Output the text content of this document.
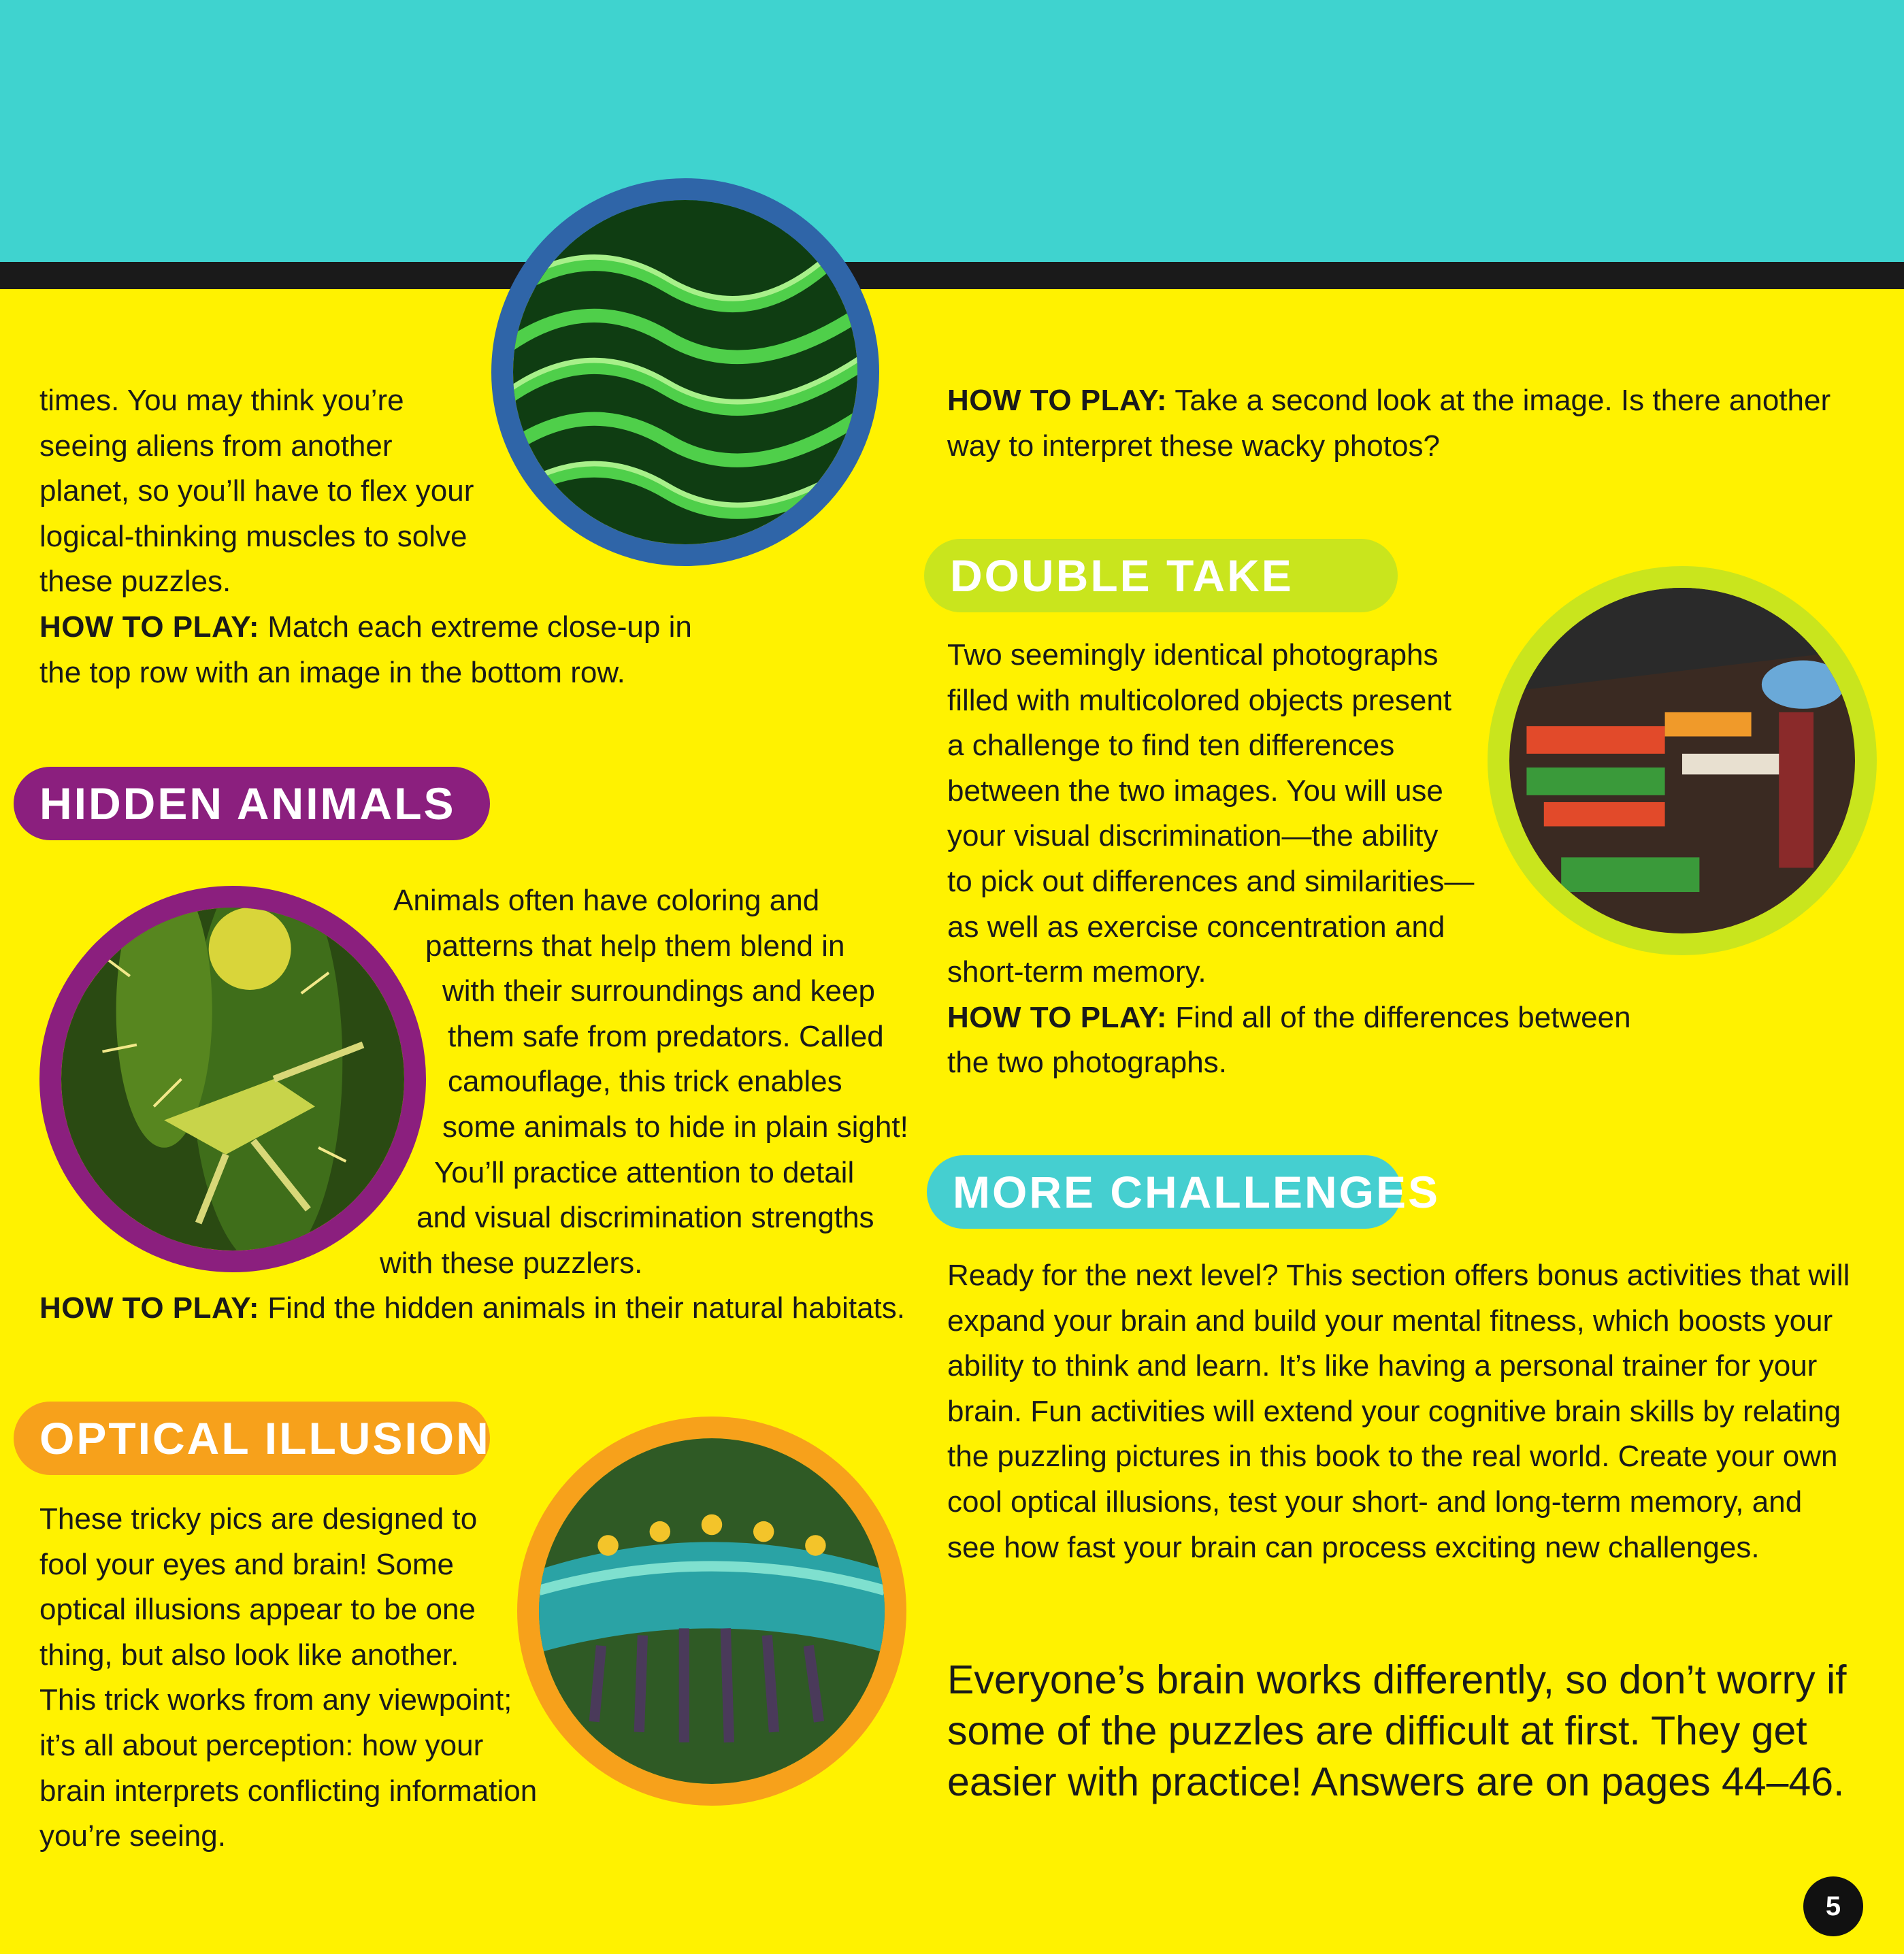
times. You may think you’re
seeing aliens from another
planet, so you’ll have to flex your
logical-thinking muscles to solve
these puzzles.
HOW TO PLAY: Match each extreme close-up in
the top row with an image in the bottom row.
HIDDEN ANIMALS
Animals often have coloring and
patterns that help them blend in
with their surroundings and keep
them safe from predators. Called
camouflage, this trick enables
some animals to hide in plain sight!
You’ll practice attention to detail
and visual discrimination strengths
with these puzzlers.
HOW TO PLAY: Find the hidden animals in their natural habitats.
OPTICAL ILLUSION
These tricky pics are designed to
fool your eyes and brain! Some
optical illusions appear to be one
thing, but also look like another.
This trick works from any viewpoint;
it’s all about perception: how your
brain interprets conflicting information
you’re seeing.
HOW TO PLAY: Take a second look at the image. Is there another
way to interpret these wacky photos?
DOUBLE TAKE
Two seemingly identical photographs
filled with multicolored objects present
a challenge to find ten differences
between the two images. You will use
your visual discrimination—the ability
to pick out differences and similarities—
as well as exercise concentration and
short-term memory.
HOW TO PLAY: Find all of the differences between
the two photographs.
MORE CHALLENGES
Ready for the next level? This section offers bonus activities that will
expand your brain and build your mental fitness, which boosts your
ability to think and learn. It’s like having a personal trainer for your
brain. Fun activities will extend your cognitive brain skills by relating
the puzzling pictures in this book to the real world. Create your own
cool optical illusions, test your short- and long-term memory, and
see how fast your brain can process exciting new challenges.
Everyone’s brain works differently, so don’t worry if
some of the puzzles are difficult at first. They get
easier with practice! Answers are on pages 44–46.
5
